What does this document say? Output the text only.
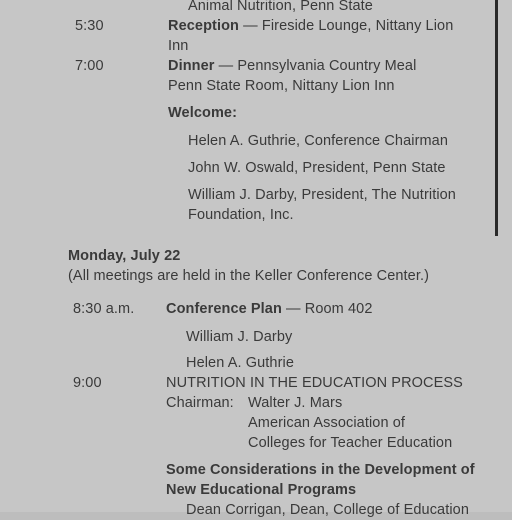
Animal Nutrition, Penn State
5:30	Reception — Fireside Lounge, Nittany Lion
Inn
7:00	Dinner — Pennsylvania Country Meal
Penn State Room, Nittany Lion Inn
Welcome:
Helen A. Guthrie, Conference Chairman
John W. Oswald, President, Penn State
William J. Darby, President, The Nutrition
Foundation, Inc.
Monday, July 22
(All meetings are held in the Keller Conference Center.)
8:30 a.m. Conference Plan — Room 402
William J. Darby
Helen A. Guthrie
9:00	NUTRITION IN THE EDUCATION PROCESS
Chairman: Walter J. Mars
American Association of
Colleges for Teacher Education
Some Considerations in the Development of
New Educational Programs
Dean Corrigan, Dean, College of Education
